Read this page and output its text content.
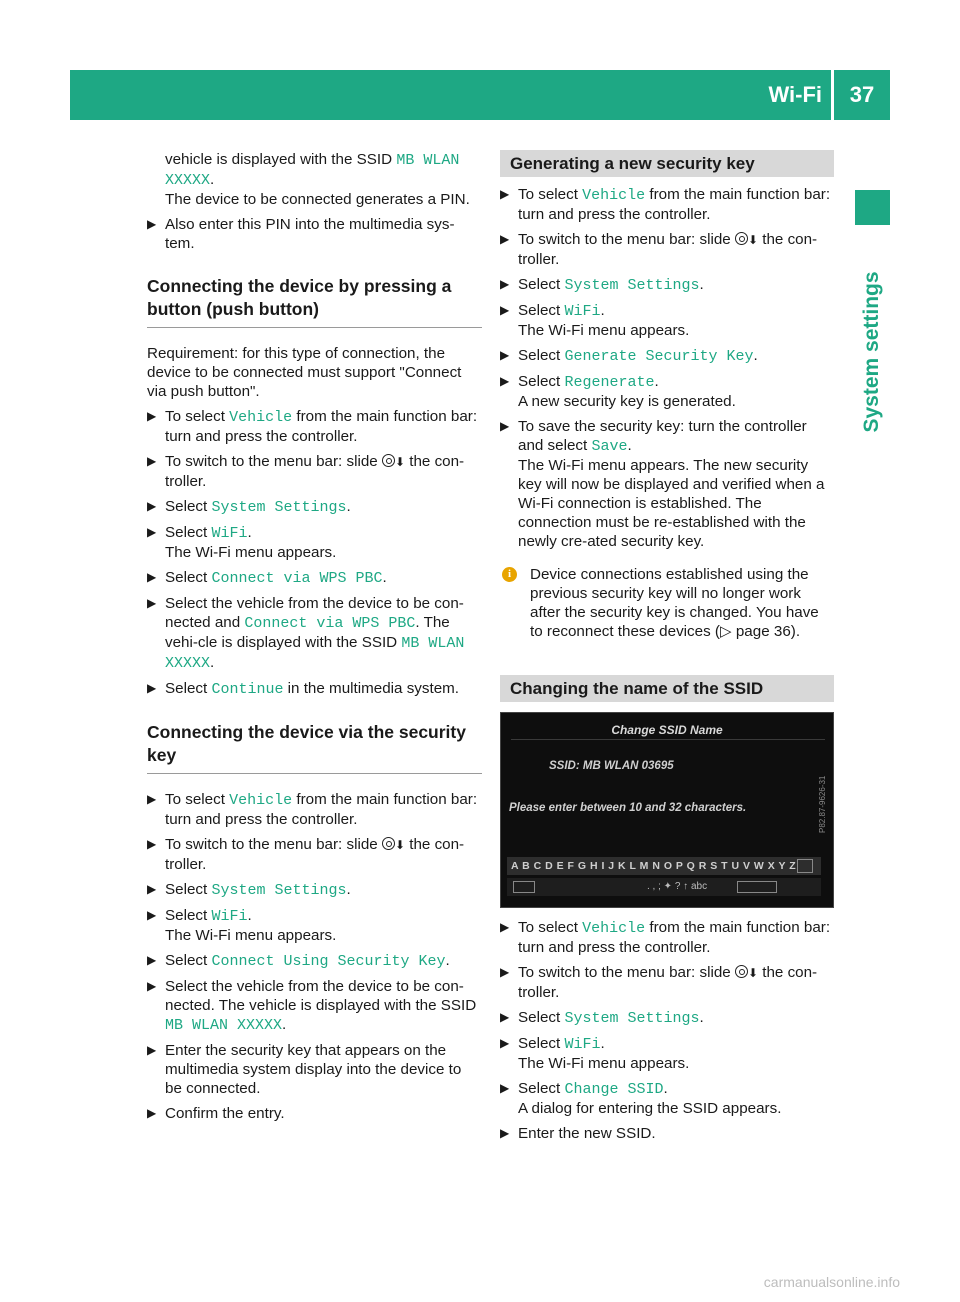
Wi-Fi	37
System settings
vehicle is displayed with the SSID MB WLAN XXXXX.
The device to be connected generates a PIN.
▶ Also enter this PIN into the multimedia sys-tem.
Connecting the device by pressing a button (push button)
Requirement: for this type of connection, the device to be connected must support "Connect via push button".
▶ To select Vehicle from the main function bar: turn and press the controller.
▶ To switch to the menu bar: slide ⬇ the con-troller.
▶ Select System Settings.
▶ Select WiFi.
The Wi-Fi menu appears.
▶ Select Connect via WPS PBC.
▶ Select the vehicle from the device to be con-nected and Connect via WPS PBC. The vehi-cle is displayed with the SSID MB WLAN XXXXX.
▶ Select Continue in the multimedia system.
Connecting the device via the security key
▶ To select Vehicle from the main function bar: turn and press the controller.
▶ To switch to the menu bar: slide ⬇ the con-troller.
▶ Select System Settings.
▶ Select WiFi.
The Wi-Fi menu appears.
▶ Select Connect Using Security Key.
▶ Select the vehicle from the device to be con-nected. The vehicle is displayed with the SSID MB WLAN XXXXX.
▶ Enter the security key that appears on the multimedia system display into the device to be connected.
▶ Confirm the entry.
Generating a new security key
▶ To select Vehicle from the main function bar: turn and press the controller.
▶ To switch to the menu bar: slide ⬇ the con-troller.
▶ Select System Settings.
▶ Select WiFi.
The Wi-Fi menu appears.
▶ Select Generate Security Key.
▶ Select Regenerate.
A new security key is generated.
▶ To save the security key: turn the controller and select Save.
The Wi-Fi menu appears. The new security key will now be displayed and verified when a Wi-Fi connection is established. The connection must be re-established with the newly cre-ated security key.
i	Device connections established using the previous security key will no longer work after the security key is changed. You have to reconnect these devices (▷ page 36).
Changing the name of the SSID
Change SSID Name
SSID: MB WLAN 03695
Please enter between 10 and 32 characters.
A B C D E F G H I J K L M N O P Q R S T U V W X Y Z
. , ; ✦ ? ↑ abc
P82.87-9626-31
▶ To select Vehicle from the main function bar: turn and press the controller.
▶ To switch to the menu bar: slide ⬇ the con-troller.
▶ Select System Settings.
▶ Select WiFi.
The Wi-Fi menu appears.
▶ Select Change SSID.
A dialog for entering the SSID appears.
▶ Enter the new SSID.
carmanualsonline.info
